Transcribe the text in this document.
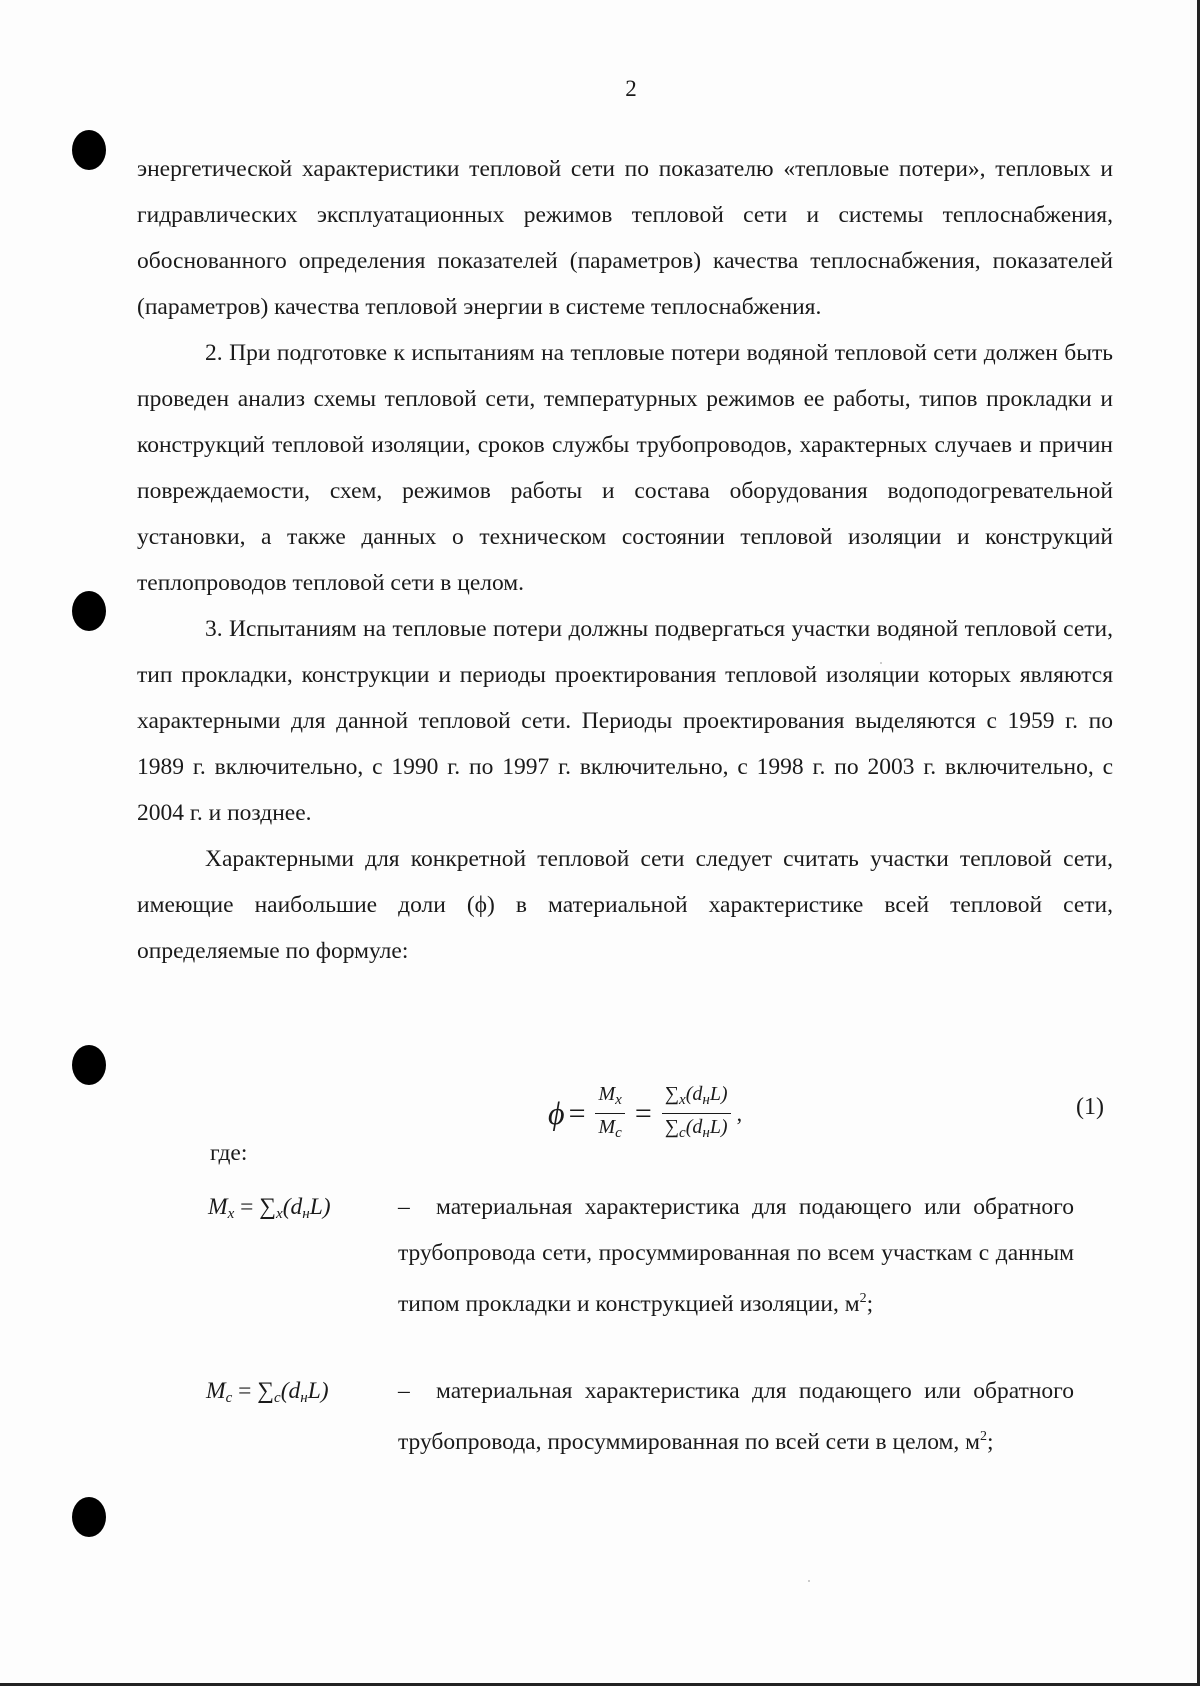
2

энергетической характеристики тепловой сети по показателю «тепловые потери», тепловых и гидравлических эксплуатационных режимов тепловой сети и системы теплоснабжения, обоснованного определения показателей (параметров) качества теплоснабжения, показателей (параметров) качества тепловой энергии в системе теплоснабжения.

2. При подготовке к испытаниям на тепловые потери водяной тепловой сети должен быть проведен анализ схемы тепловой сети, температурных режимов ее работы, типов прокладки и конструкций тепловой изоляции, сроков службы трубопроводов, характерных случаев и причин повреждаемости, схем, режимов работы и состава оборудования водоподогревательной установки, а также данных о техническом состоянии тепловой изоляции и конструкций теплопроводов тепловой сети в целом.

3. Испытаниям на тепловые потери должны подвергаться участки водяной тепловой сети, тип прокладки, конструкции и периоды проектирования тепловой изоляции которых являются характерными для данной тепловой сети. Периоды проектирования выделяются с 1959 г. по 1989 г. включительно, с 1990 г. по 1997 г. включительно, с 1998 г. по 2003 г. включительно, с 2004 г. и позднее.

Характерными для конкретной тепловой сети следует считать участки тепловой сети, имеющие наибольшие доли (ϕ) в материальной характеристике всей тепловой сети, определяемые по формуле:

$\phi = \frac{M_x}{M_c} = \frac{\sum_x(d_нL)}{\sum_c(d_нL)}$ ,	(1)
где:
$M_x = \sum_x(d_нL)$	–	материальная характеристика для подающего или обратного трубопровода сети, просуммированная по всем участкам с данным типом прокладки и конструкцией изоляции, $м^2$;
$M_c = \sum_c(d_нL)$	–	материальная характеристика для подающего или обратного трубопровода, просуммированная по всей сети в целом, $м^2$;
